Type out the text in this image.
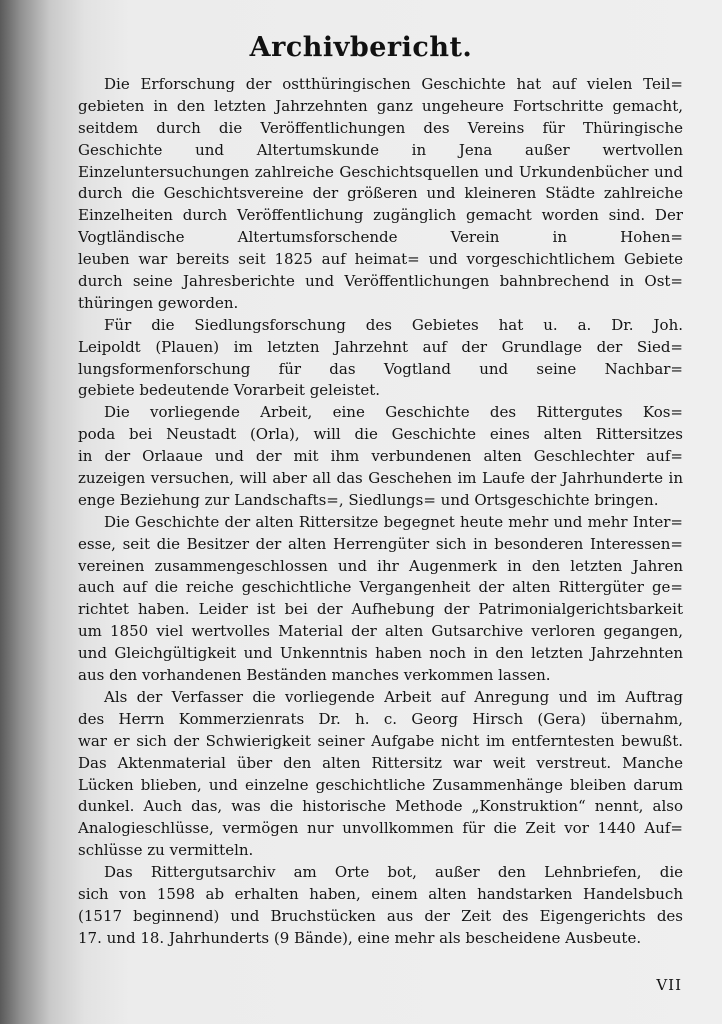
Archivbericht.
Die Erforschung der ostthüringischen Geschichte hat auf vielen Teil=
gebieten in den letzten Jahrzehnten ganz ungeheure Fortschritte gemacht,
seitdem durch die Veröffentlichungen des Vereins für Thüringische
Geschichte und Altertumskunde in Jena außer wertvollen
Einzeluntersuchungen zahlreiche Geschichtsquellen und Urkundenbücher und
durch die Geschichtsvereine der größeren und kleineren Städte zahlreiche
Einzelheiten durch Veröffentlichung zugänglich gemacht worden sind. Der
Vogtländische Altertumsforschende Verein in Hohen=
leuben war bereits seit 1825 auf heimat= und vorgeschichtlichem Gebiete
durch seine Jahresberichte und Veröffentlichungen bahnbrechend in Ost=
thüringen geworden.
Für die Siedlungsforschung des Gebietes hat u. a. Dr. Joh.
Leipoldt (Plauen) im letzten Jahrzehnt auf der Grundlage der Sied=
lungsformenforschung für das Vogtland und seine Nachbar=
gebiete bedeutende Vorarbeit geleistet.
Die vorliegende Arbeit, eine Geschichte des Rittergutes Kos=
poda bei Neustadt (Orla), will die Geschichte eines alten Rittersitzes
in der Orlaaue und der mit ihm verbundenen alten Geschlechter auf=
zuzeigen versuchen, will aber all das Geschehen im Laufe der Jahrhunderte in
enge Beziehung zur Landschafts=, Siedlungs= und Ortsgeschichte bringen.
Die Geschichte der alten Rittersitze begegnet heute mehr und mehr Inter=
esse, seit die Besitzer der alten Herrengüter sich in besonderen Interessen=
vereinen zusammengeschlossen und ihr Augenmerk in den letzten Jahren
auch auf die reiche geschichtliche Vergangenheit der alten Rittergüter ge=
richtet haben. Leider ist bei der Aufhebung der Patrimonialgerichtsbarkeit
um 1850 viel wertvolles Material der alten Gutsarchive verloren gegangen,
und Gleichgültigkeit und Unkenntnis haben noch in den letzten Jahrzehnten
aus den vorhandenen Beständen manches verkommen lassen.
Als der Verfasser die vorliegende Arbeit auf Anregung und im Auftrag
des Herrn Kommerzienrats Dr. h. c. Georg Hirsch (Gera) übernahm,
war er sich der Schwierigkeit seiner Aufgabe nicht im entferntesten bewußt.
Das Aktenmaterial über den alten Rittersitz war weit verstreut. Manche
Lücken blieben, und einzelne geschichtliche Zusammenhänge bleiben darum
dunkel. Auch das, was die historische Methode „Konstruktion“ nennt, also
Analogieschlüsse, vermögen nur unvollkommen für die Zeit vor 1440 Auf=
schlüsse zu vermitteln.
Das Rittergutsarchiv am Orte bot, außer den Lehnbriefen, die
sich von 1598 ab erhalten haben, einem alten handstarken Handelsbuch
(1517 beginnend) und Bruchstücken aus der Zeit des Eigengerichts des
17. und 18. Jahrhunderts (9 Bände), eine mehr als bescheidene Ausbeute.
VII
